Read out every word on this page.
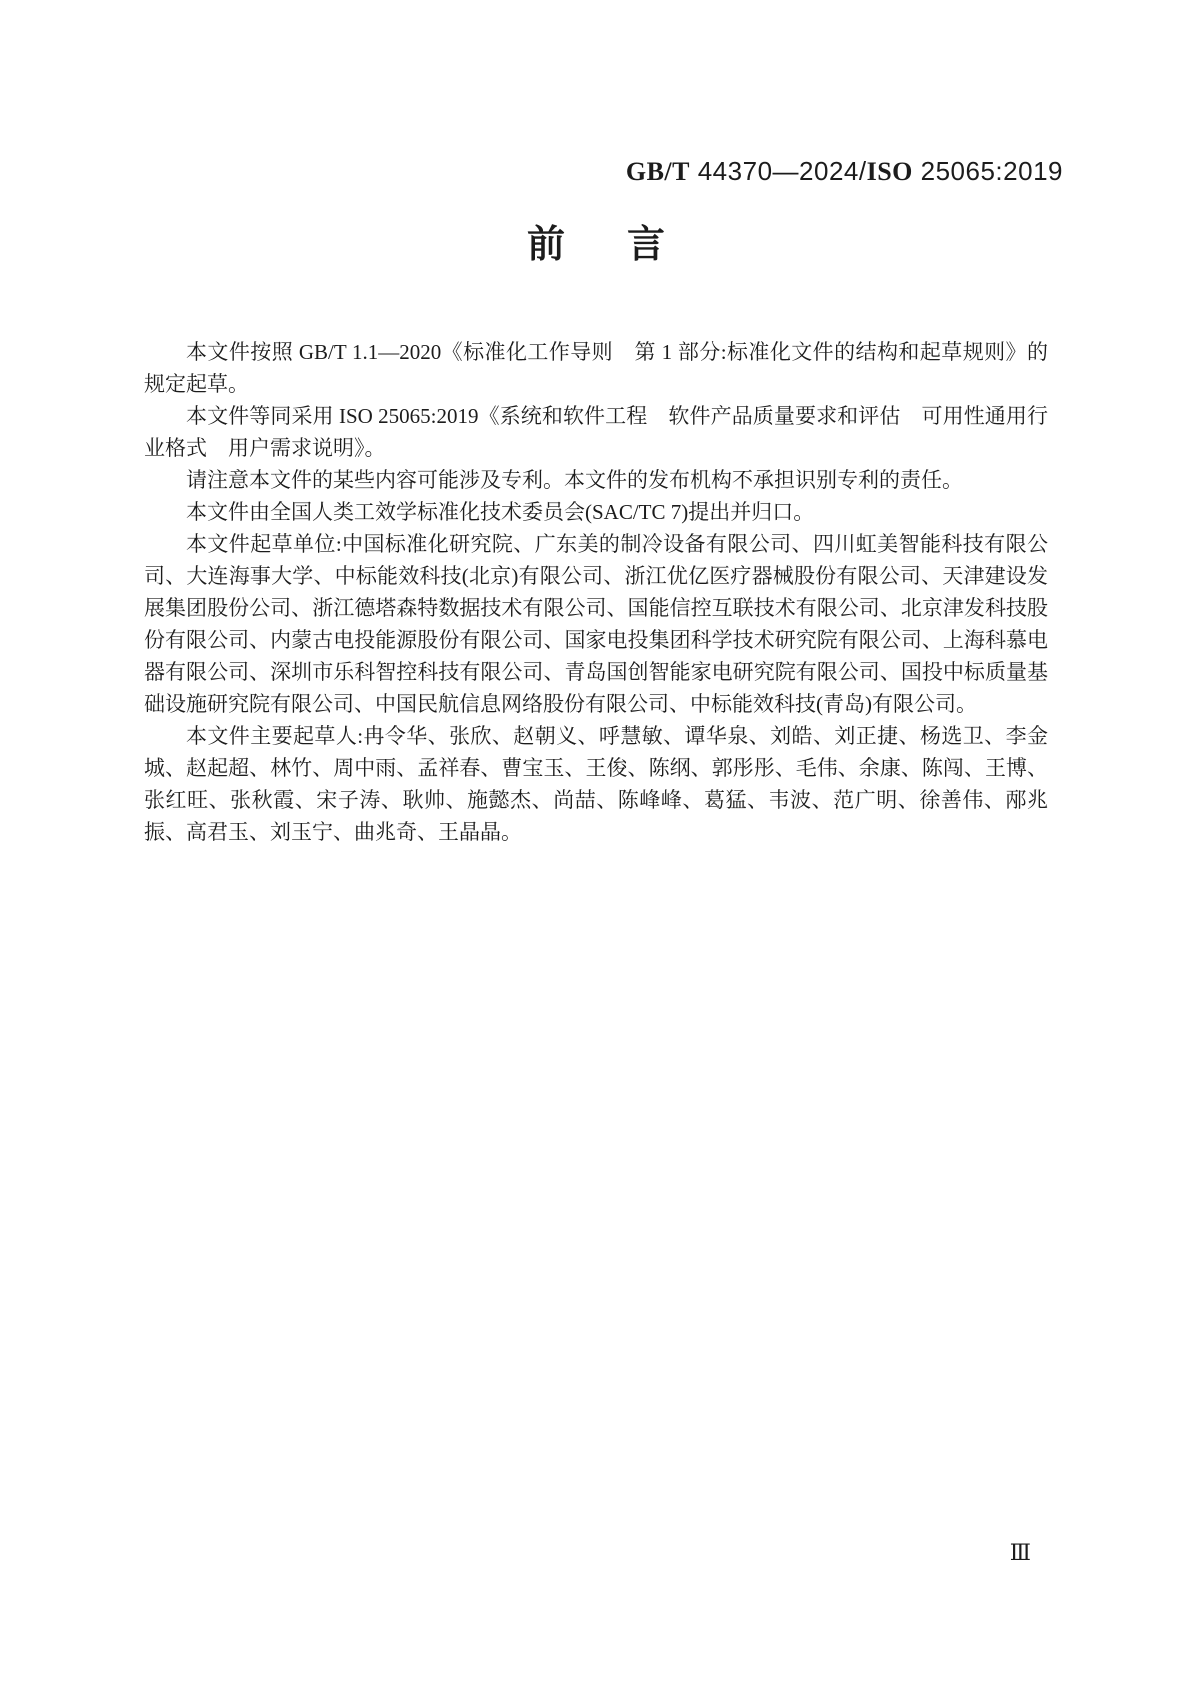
GB/T 44370—2024/ISO 25065:2019

前 言

本文件按照 GB/T 1.1—2020《标准化工作导则　第 1 部分:标准化文件的结构和起草规则》的规定起草。

本文件等同采用 ISO 25065:2019《系统和软件工程　软件产品质量要求和评估　可用性通用行业格式　用户需求说明》。

请注意本文件的某些内容可能涉及专利。本文件的发布机构不承担识别专利的责任。

本文件由全国人类工效学标准化技术委员会(SAC/TC 7)提出并归口。

本文件起草单位:中国标准化研究院、广东美的制冷设备有限公司、四川虹美智能科技有限公司、大连海事大学、中标能效科技(北京)有限公司、浙江优亿医疗器械股份有限公司、天津建设发展集团股份公司、浙江德塔森特数据技术有限公司、国能信控互联技术有限公司、北京津发科技股份有限公司、内蒙古电投能源股份有限公司、国家电投集团科学技术研究院有限公司、上海科慕电器有限公司、深圳市乐科智控科技有限公司、青岛国创智能家电研究院有限公司、国投中标质量基础设施研究院有限公司、中国民航信息网络股份有限公司、中标能效科技(青岛)有限公司。

本文件主要起草人:冉令华、张欣、赵朝义、呼慧敏、谭华泉、刘皓、刘正捷、杨选卫、李金城、赵起超、林竹、周中雨、孟祥春、曹宝玉、王俊、陈纲、郭彤彤、毛伟、余康、陈闯、王博、张红旺、张秋霞、宋子涛、耿帅、施懿杰、尚喆、陈峰峰、葛猛、韦波、范广明、徐善伟、邴兆振、高君玉、刘玉宁、曲兆奇、王晶晶。

Ⅲ
